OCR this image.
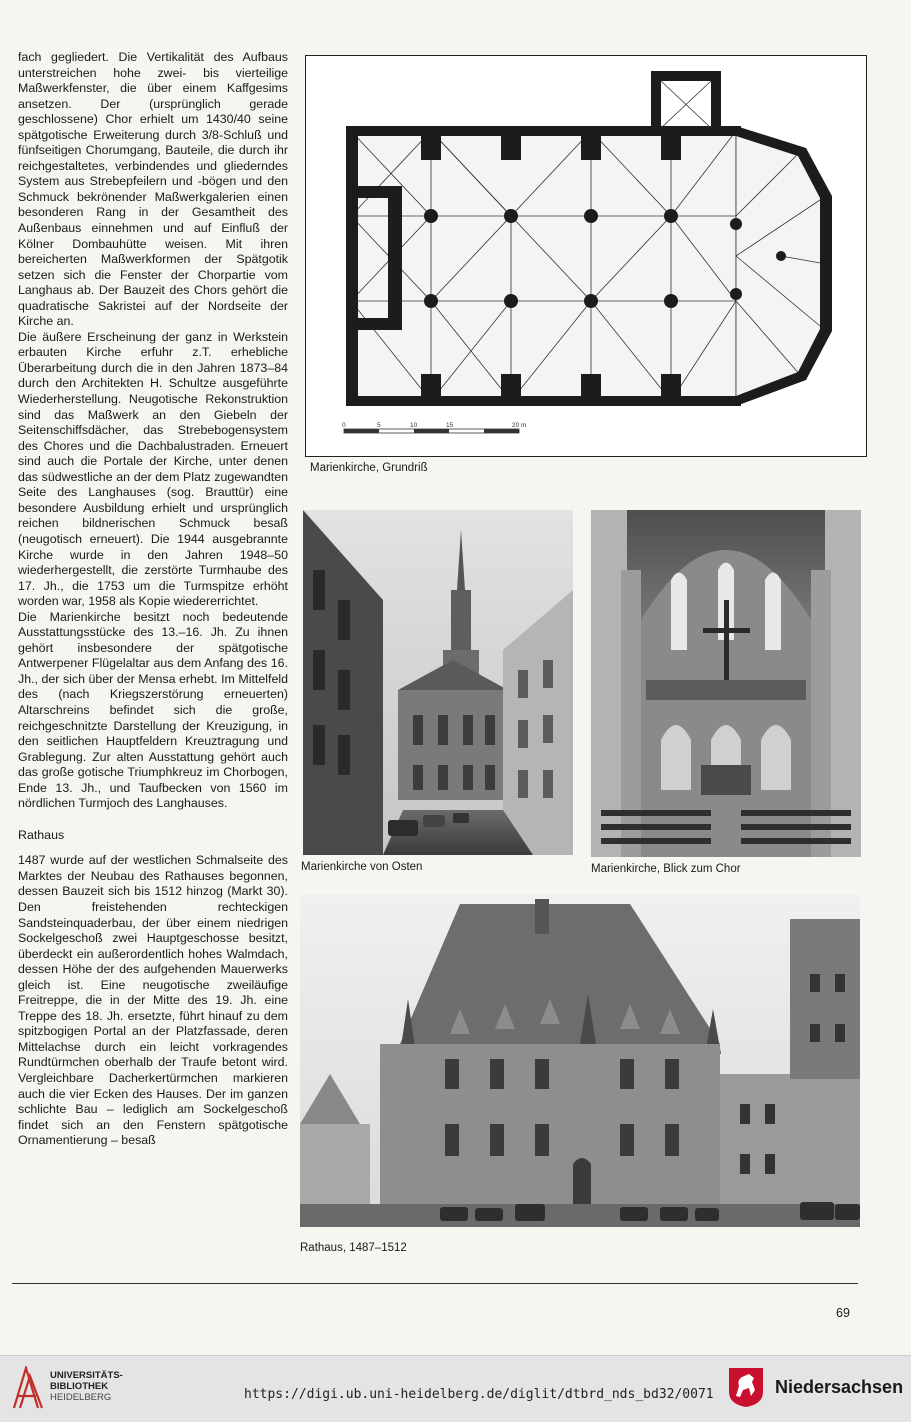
fach gegliedert. Die Vertikalität des Aufbaus unterstreichen hohe zwei- bis vierteilige Maßwerkfenster, die über einem Kaffgesims ansetzen. Der (ursprünglich gerade geschlossene) Chor erhielt um 1430/40 seine spätgotische Erweiterung durch 3/8-Schluß und fünfseitigen Chorumgang, Bauteile, die durch ihr reichgestaltetes, verbindendes und gliederndes System aus Strebepfeilern und -bögen und den Schmuck bekrönender Maßwerkgalerien einen besonderen Rang in der Gesamtheit des Außenbaus einnehmen und auf Einfluß der Kölner Dombauhütte weisen. Mit ihren bereicherten Maßwerkformen der Spätgotik setzen sich die Fenster der Chorpartie vom Langhaus ab. Der Bauzeit des Chors gehört die quadratische Sakristei auf der Nordseite der Kirche an.

Die äußere Erscheinung der ganz in Werkstein erbauten Kirche erfuhr z.T. erhebliche Überarbeitung durch die in den Jahren 1873–84 durch den Architekten H. Schultze ausgeführte Wiederherstellung. Neugotische Rekonstruktion sind das Maßwerk an den Giebeln der Seitenschiffsdächer, das Strebebogensystem des Chores und die Dachbalustraden. Erneuert sind auch die Portale der Kirche, unter denen das südwestliche an der dem Platz zugewandten Seite des Langhauses (sog. Brauttür) eine besondere Ausbildung erhielt und ursprünglich reichen bildnerischen Schmuck besaß (neugotisch erneuert). Die 1944 ausgebrannte Kirche wurde in den Jahren 1948–50 wiederhergestellt, die zerstörte Turmhaube des 17. Jh., die 1753 um die Turmspitze erhöht worden war, 1958 als Kopie wiedererrichtet.

Die Marienkirche besitzt noch bedeutende Ausstattungsstücke des 13.–16. Jh. Zu ihnen gehört insbesondere der spätgotische Antwerpener Flügelaltar aus dem Anfang des 16. Jh., der sich über der Mensa erhebt. Im Mittelfeld des (nach Kriegszerstörung erneuerten) Altarschreins befindet sich die große, reichgeschnitzte Darstellung der Kreuzigung, in den seitlichen Hauptfeldern Kreuztragung und Grablegung. Zur alten Ausstattung gehört auch das große gotische Triumphkreuz im Chorbogen, Ende 13. Jh., und Taufbecken von 1560 im nördlichen Turmjoch des Langhauses.

Rathaus

1487 wurde auf der westlichen Schmalseite des Marktes der Neubau des Rathauses begonnen, dessen Bauzeit sich bis 1512 hinzog (Markt 30). Den freistehenden rechteckigen Sandsteinquaderbau, der über einem niedrigen Sockelgeschoß zwei Hauptgeschosse besitzt, überdeckt ein außerordentlich hohes Walmdach, dessen Höhe der des aufgehenden Mauerwerks gleich ist. Eine neugotische zweiläufige Freitreppe, die in der Mitte des 19. Jh. eine Treppe des 18. Jh. ersetzte, führt hinauf zu dem spitzbogigen Portal an der Platzfassade, deren Mittelachse durch ein leicht vorkragendes Rundtürmchen oberhalb der Traufe betont wird. Vergleichbare Dacherkertürmchen markieren auch die vier Ecken des Hauses. Der im ganzen schlichte Bau – lediglich am Sockelgeschoß findet sich an den Fenstern spätgotische Ornamentierung – besaß

0	5	10	15	20 m
Marienkirche, Grundriß
Marienkirche von Osten	Marienkirche, Blick zum Chor
Rathaus, 1487–1512
69
UNIVERSITÄTS-
BIBLIOTHEK
HEIDELBERG	https://digi.ub.uni-heidelberg.de/diglit/dtbrd_nds_bd32/0071	Niedersachsen
